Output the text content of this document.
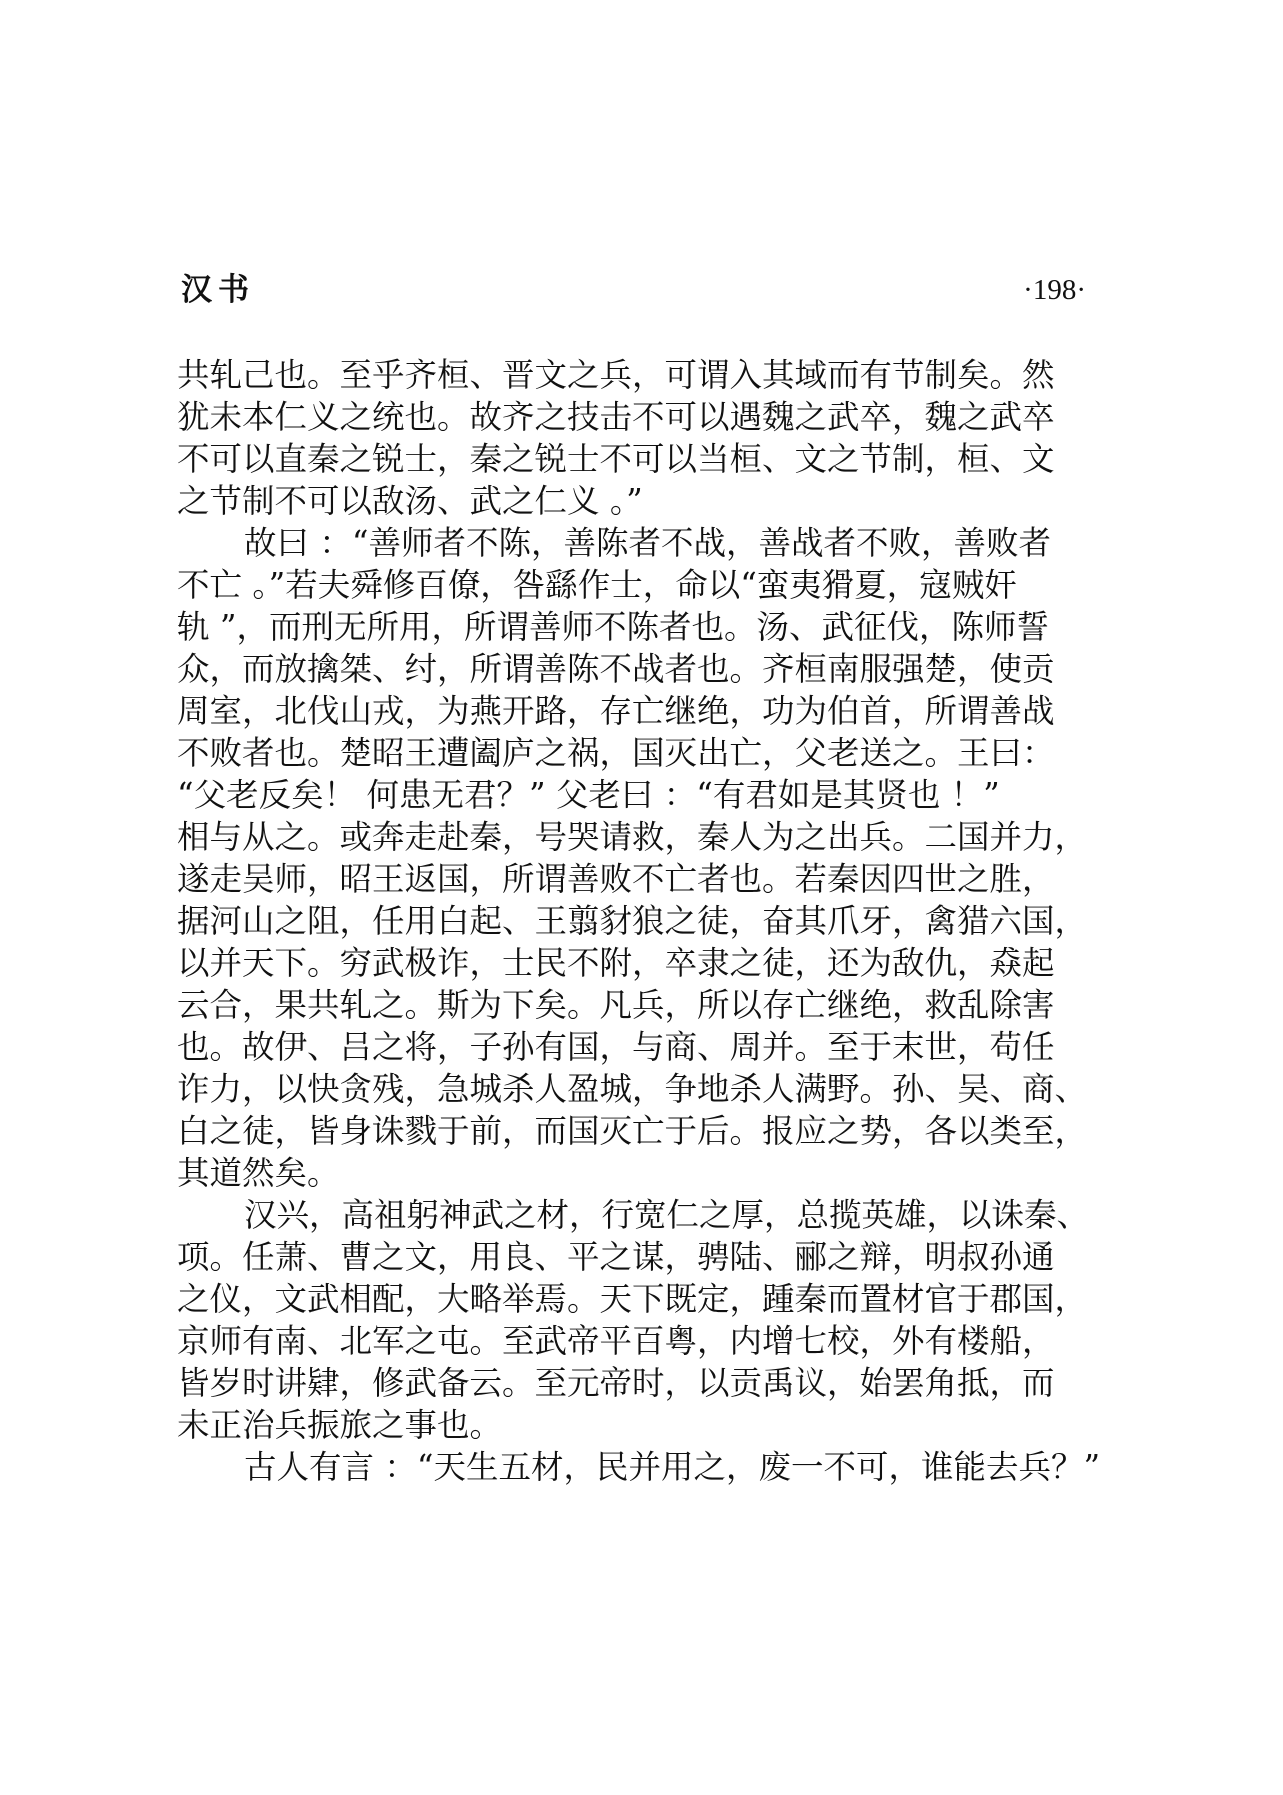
汉书	·198·
共轧己也。至乎齐桓、晋文之兵，可谓入其域而有节制矣。然
犹未本仁义之统也。故齐之技击不可以遇魏之武卒，魏之武卒
不可以直秦之锐士，秦之锐士不可以当桓、文之节制，桓、文
之节制不可以敌汤、武之仁义 。”
故曰 ：“善师者不陈，善陈者不战，善战者不败，善败者
不亡 。”若夫舜修百僚，咎繇作士，命以“蛮夷猾夏，寇贼奸
轨 ”，而刑无所用，所谓善师不陈者也。汤、武征伐，陈师誓
众，而放擒桀、纣，所谓善陈不战者也。齐桓南服强楚，使贡
周室，北伐山戎，为燕开路，存亡继绝，功为伯首，所谓善战
不败者也。楚昭王遭阖庐之祸，国灭出亡，父老送之。王曰：
“父老反矣！ 何患无君？” 父老曰 ：“有君如是其贤也 ！”
相与从之。或奔走赴秦，号哭请救，秦人为之出兵。二国并力，
遂走吴师，昭王返国，所谓善败不亡者也。若秦因四世之胜，
据河山之阻，任用白起、王翦豺狼之徒，奋其爪牙，禽猎六国，
以并天下。穷武极诈，士民不附，卒隶之徒，还为敌仇，猋起
云合，果共轧之。斯为下矣。凡兵，所以存亡继绝，救乱除害
也。故伊、吕之将，子孙有国，与商、周并。至于末世，苟任
诈力，以快贪残，急城杀人盈城，争地杀人满野。孙、吴、商、
白之徒，皆身诛戮于前，而国灭亡于后。报应之势，各以类至，
其道然矣。
汉兴，高祖躬神武之材，行宽仁之厚，总揽英雄，以诛秦、
项。任萧、曹之文，用良、平之谋，骋陆、郦之辩，明叔孙通
之仪，文武相配，大略举焉。天下既定，踵秦而置材官于郡国，
京师有南、北军之屯。至武帝平百粤，内增七校，外有楼船，
皆岁时讲肄，修武备云。至元帝时，以贡禹议，始罢角抵，而
未正治兵振旅之事也。
古人有言 ：“天生五材，民并用之，废一不可，谁能去兵？”
